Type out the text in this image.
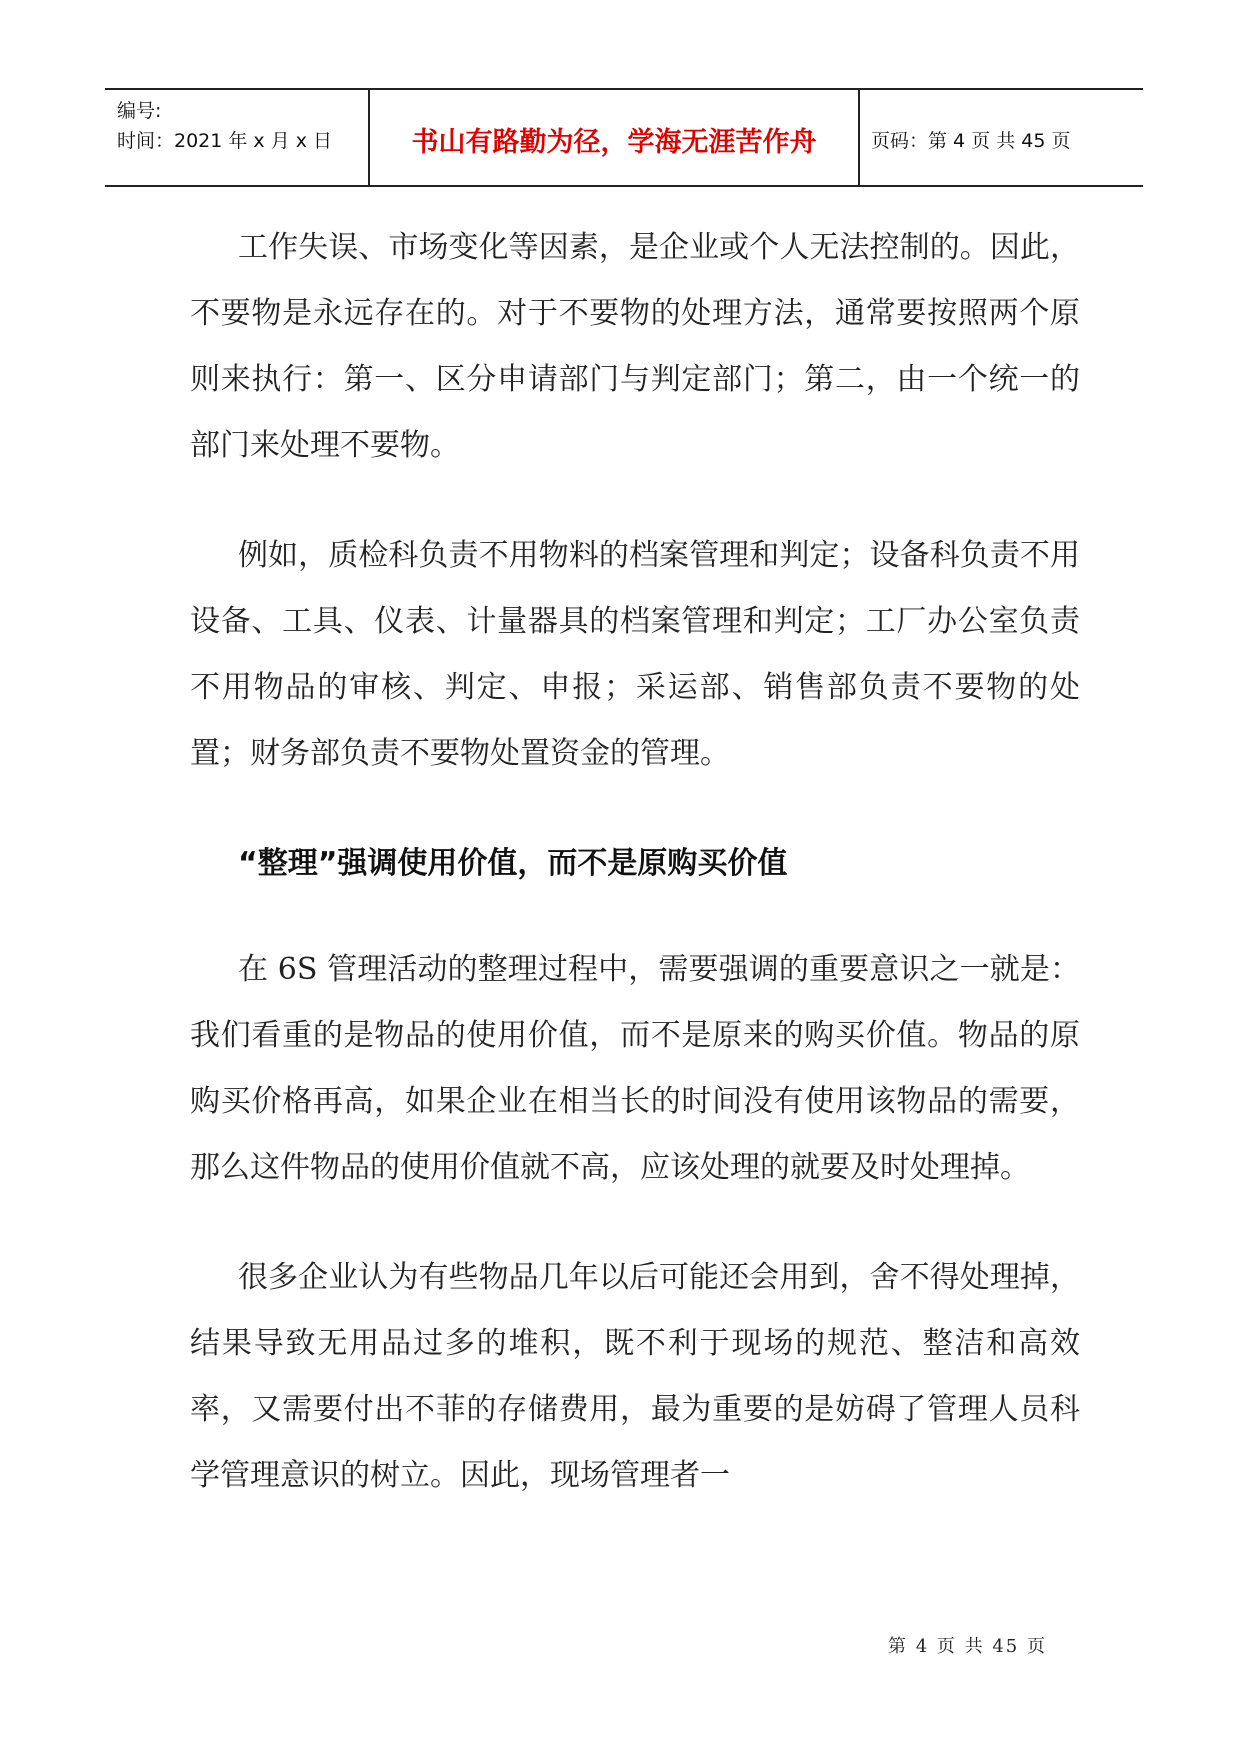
编号:
时间：2021 年 x 月 x 日	书山有路勤为径，学海无涯苦作舟	页码：第 4 页 共 45 页

工作失误、市场变化等因素，是企业或个人无法控制的。因此，不要物是永远存在的。对于不要物的处理方法，通常要按照两个原则来执行：第一、区分申请部门与判定部门；第二，由一个统一的部门来处理不要物。

例如，质检科负责不用物料的档案管理和判定；设备科负责不用设备、工具、仪表、计量器具的档案管理和判定；工厂办公室负责不用物品的审核、判定、申报；采运部、销售部负责不要物的处置；财务部负责不要物处置资金的管理。

“整理”强调使用价值，而不是原购买价值

在 6S 管理活动的整理过程中，需要强调的重要意识之一就是：我们看重的是物品的使用价值，而不是原来的购买价值。物品的原购买价格再高，如果企业在相当长的时间没有使用该物品的需要，那么这件物品的使用价值就不高，应该处理的就要及时处理掉。

很多企业认为有些物品几年以后可能还会用到，舍不得处理掉，结果导致无用品过多的堆积，既不利于现场的规范、整洁和高效率，又需要付出不菲的存储费用，最为重要的是妨碍了管理人员科学管理意识的树立。因此，现场管理者一

第 4 页 共 45 页
